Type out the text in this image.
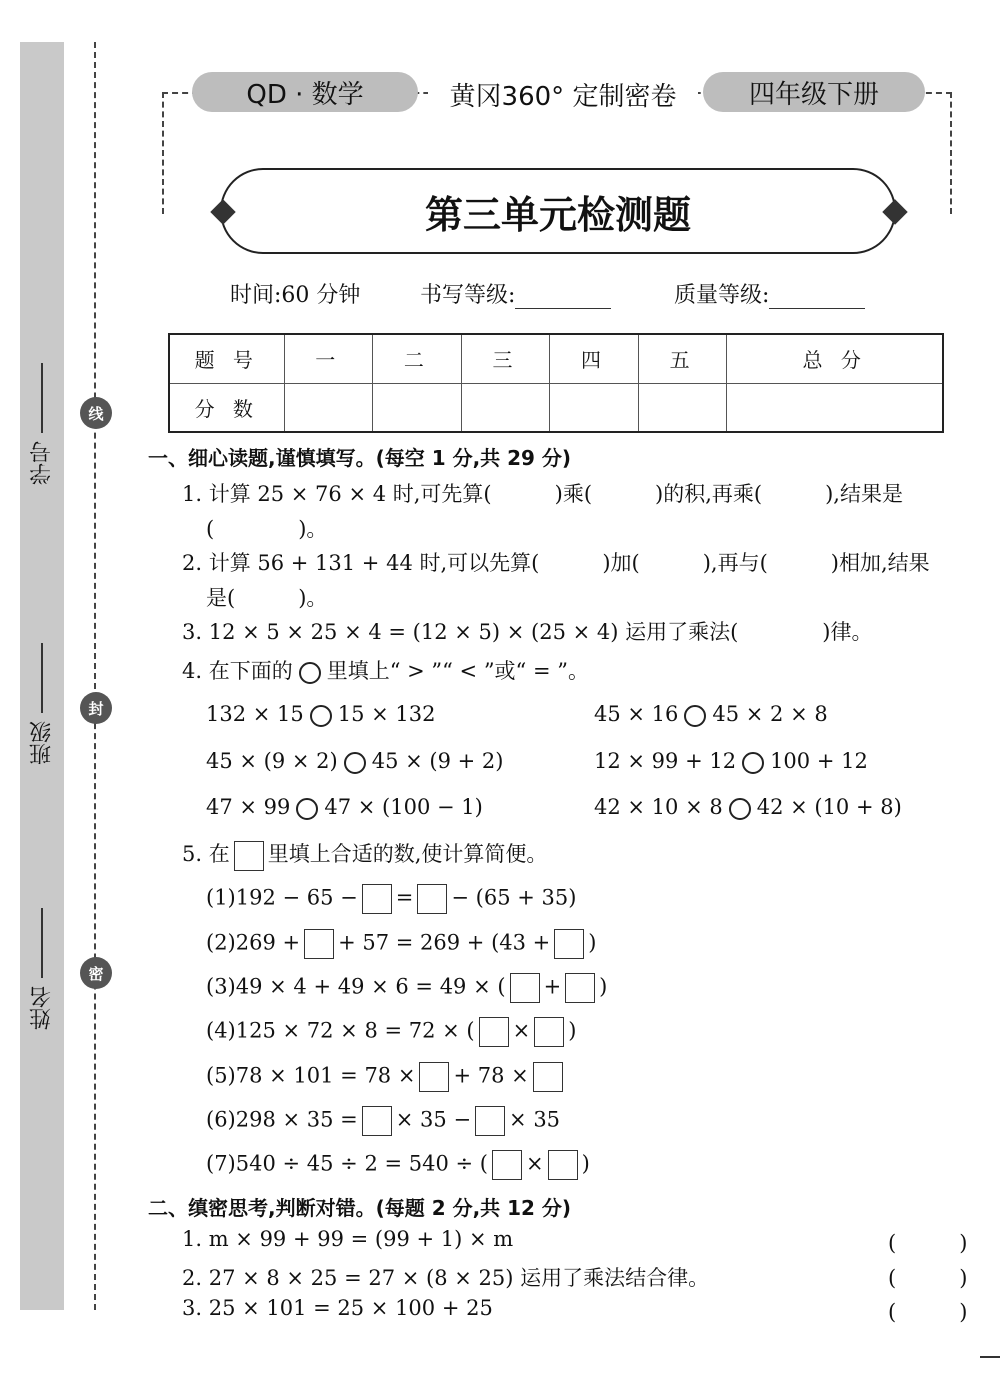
学号
班级
姓名
线
封
密
QD · 数学	黄冈360° 定制密卷	四年级下册
第三单元检测题
时间:60 分钟	书写等级:	质量等级:
题 号	一	二	三	四	五	总 分
分 数						
一、细心读题,谨慎填写。(每空 1 分,共 29 分)
1. 计算 25 × 76 × 4 时,可先算(　　　)乘(　　　)的积,再乘(　　　),结果是
(　　　　)。
2. 计算 56 + 131 + 44 时,可以先算(　　　)加(　　　),再与(　　　)相加,结果
是(　　　)。
3. 12 × 5 × 25 × 4 = (12 × 5) × (25 × 4) 运用了乘法(　　　　)律。
4. 在下面的 里填上“ > ”“ < ”或“ = ”。
132 × 15 15 × 132	45 × 16 45 × 2 × 8
45 × (9 × 2) 45 × (9 + 2)	12 × 99 + 12 100 + 12
47 × 99 47 × (100 − 1)	42 × 10 × 8 42 × (10 + 8)
5. 在 里填上合适的数,使计算简便。
(1)192 − 65 − = − (65 + 35)
(2)269 + + 57 = 269 + (43 + )
(3)49 × 4 + 49 × 6 = 49 × ( + )
(4)125 × 72 × 8 = 72 × ( × )
(5)78 × 101 = 78 × + 78 ×
(6)298 × 35 = × 35 − × 35
(7)540 ÷ 45 ÷ 2 = 540 ÷ ( × )
二、缜密思考,判断对错。(每题 2 分,共 12 分)
1. m × 99 + 99 = (99 + 1) × m	(　　　)
2. 27 × 8 × 25 = 27 × (8 × 25) 运用了乘法结合律。	(　　　)
3. 25 × 101 = 25 × 100 + 25	(　　　)
